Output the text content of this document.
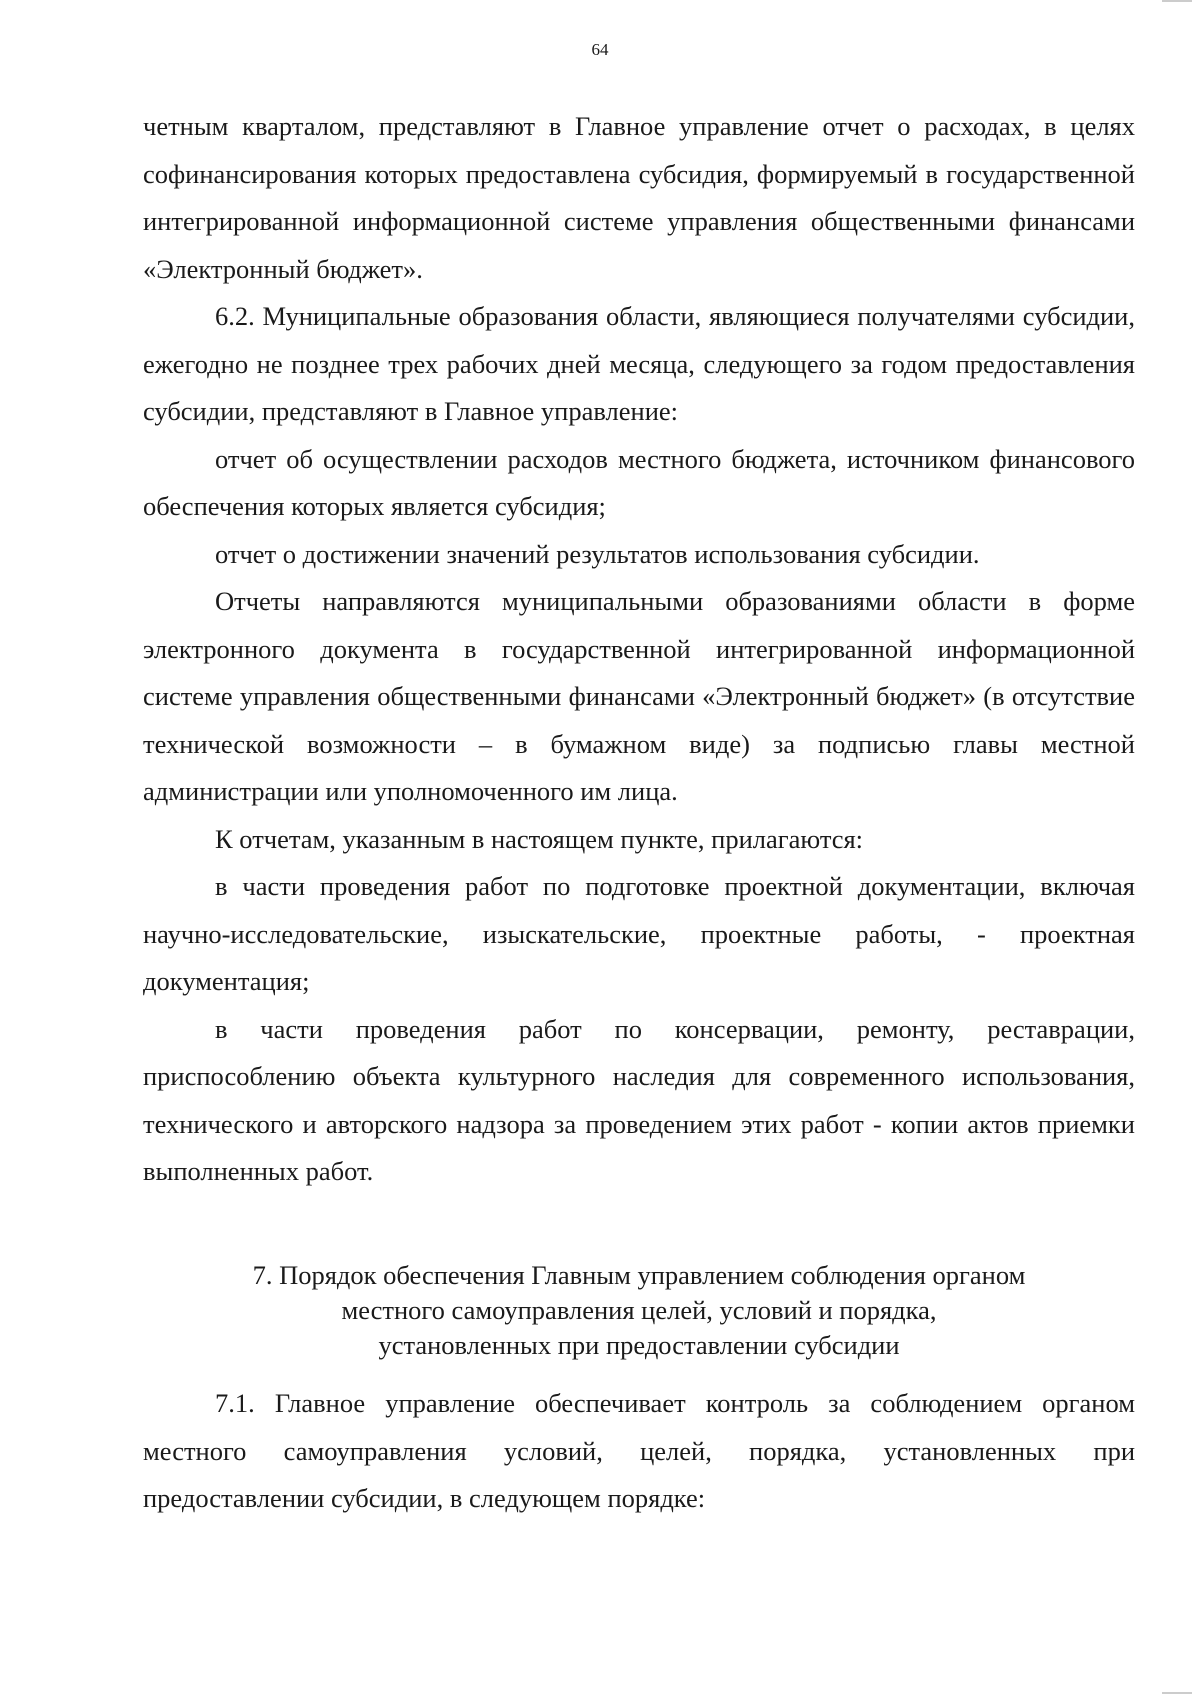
64

четным кварталом, представляют в Главное управление отчет о расходах, в целях софинансирования которых предоставлена субсидия, формируемый в государственной интегрированной информационной системе управления общественными финансами «Электронный бюджет».

6.2. Муниципальные образования области, являющиеся получателями субсидии, ежегодно не позднее трех рабочих дней месяца, следующего за годом предоставления субсидии, представляют в Главное управление:

отчет об осуществлении расходов местного бюджета, источником финансового обеспечения которых является субсидия;

отчет о достижении значений результатов использования субсидии.

Отчеты направляются муниципальными образованиями области в форме электронного документа в государственной интегрированной информационной системе управления общественными финансами «Электронный бюджет» (в отсутствие технической возможности – в бумажном виде) за подписью главы местной администрации или уполномоченного им лица.

К отчетам, указанным в настоящем пункте, прилагаются:

в части проведения работ по подготовке проектной документации, включая научно-исследовательские, изыскательские, проектные работы, - проектная документация;

в части проведения работ по консервации, ремонту, реставрации, приспособлению объекта культурного наследия для современного использования, технического и авторского надзора за проведением этих работ - копии актов приемки выполненных работ.

7. Порядок обеспечения Главным управлением соблюдения органом
местного самоуправления целей, условий и порядка,
установленных при предоставлении субсидии

7.1. Главное управление обеспечивает контроль за соблюдением органом местного самоуправления условий, целей, порядка, установленных при предоставлении субсидии, в следующем порядке:
